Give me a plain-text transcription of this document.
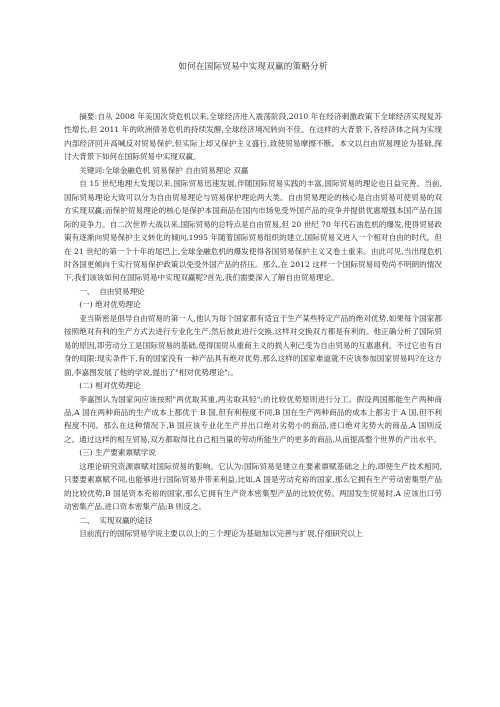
如何在国际贸易中实现双赢的策略分析

摘要:自从 2008 年美国次贷危机以来,全球经济进入震荡阶段,2010 年在经济刺激政策下全球经济实现复苏性增长,但 2011 年的欧洲债务危机的持续发酵,全球经济境况转向不佳。在这样的大背景下,各经济体之间为实现内部经济回升高喊反对贸易保护,但实际上却又保护主义盛行,致使贸易摩擦不断。本文以自由贸易理论为基础,探讨大背景下如何在国际贸易中实现双赢。

关键词:全球金融危机 贸易保护 自由贸易理论 双赢

自 15 世纪地理大发现以来,国际贸易迅速发展,伴随国际贸易实践的丰富,国际贸易的理论也日益完善。当前,国际贸易理论大致可以分为自由贸易理论与贸易保护理论两大类。自由贸易理论的核心是自由贸易可使贸易的双方实现双赢;而保护贸易理论的核心是保护本国商品在国内市场免受外国产品的竞争并提供优惠增强本国产品在国际的竞争力。自二次世界大战以来,国际贸易的总特点是自由贸易,但 20 世纪 70 年代石油危机的爆发,使得贸易政策有逐渐向贸易保护主义转化的倾向,1995 年随着国际贸易组织的建立,国际贸易又进入一个相对自由的时代。但在 21 世纪的第一个十年的尾巴上,全球金融危机的爆发使得各国贸易保护主义又卷土重来。由此可见,当出现危机时各国更倾向于实行贸易保护政策以免受外国产品的挤压。那么,在 2012 这样一个国际贸易局势尚不明朗的情况下,我们该该如何在国际贸易中实现双赢呢?首先,我们需要深入了解自由贸易理论。

一、  自由贸易理论

(一) 绝对优势理论

亚当斯密是倡导自由贸易的第一人,他认为每个国家都有适宜于生产某些特定产品的绝对优势,如果每个国家都按照绝对有利的生产方式去进行专业化生产,然后彼此进行交换,这样对交换双方都是有利的。他正确分析了国际贸易的原因,即劳动分工是国际贸易的基础,使得国贸从重商主义的损人利己变为自由贸易的互惠惠利。不过它也有自身的局限:现实条件下,有的国家没有一种产品具有绝对优势,那么这样的国家难道就不应该参加国家贸易吗?在这方面,李嘉图发展了他的学说,提出了"相对优势理论";。

(二) 相对优势理论

李嘉图认为国家间应该按照"两优取其重,两劣取其轻";的比较优势原则进行分工。假设两国都能生产两种商品,A 国在两种商品的生产成本上都优于 B 国,但有利程度不同,B 国在生产两种商品的成本上都劣于 A 国,但不利程度不同。那么在这种情况下,B 国应该专业化生产并出口绝对劣势小的商品,进口绝对劣势大的商品,A 国则反之。通过这样的相互贸易,双方都取得比自己相当量的劳动所能生产的更多的商品,从而提高整个世界的产出水平。

(三) 生产要素禀赋学说

这理论研究资源禀赋对国际贸易的影响。它认为:国际贸易是建立在要素禀赋基础之上的,即使生产技术相同,只要要素禀赋不同,也能够进行国际贸易并带来利益,比如,A 国是劳动充裕的国家,那么它拥有生产劳动密集型产品的比较优势,B 国是资本充裕的国家,那么它拥有生产资本密集型产品的比较优势。两国发生贸易时,A 应该出口劳动密集产品,进口资本密集产品;B 则反之。

二、  实现双赢的途径

目前流行的国际贸易学说主要以以上的三个理论为基础加以完善与扩展,仔细研究以上
